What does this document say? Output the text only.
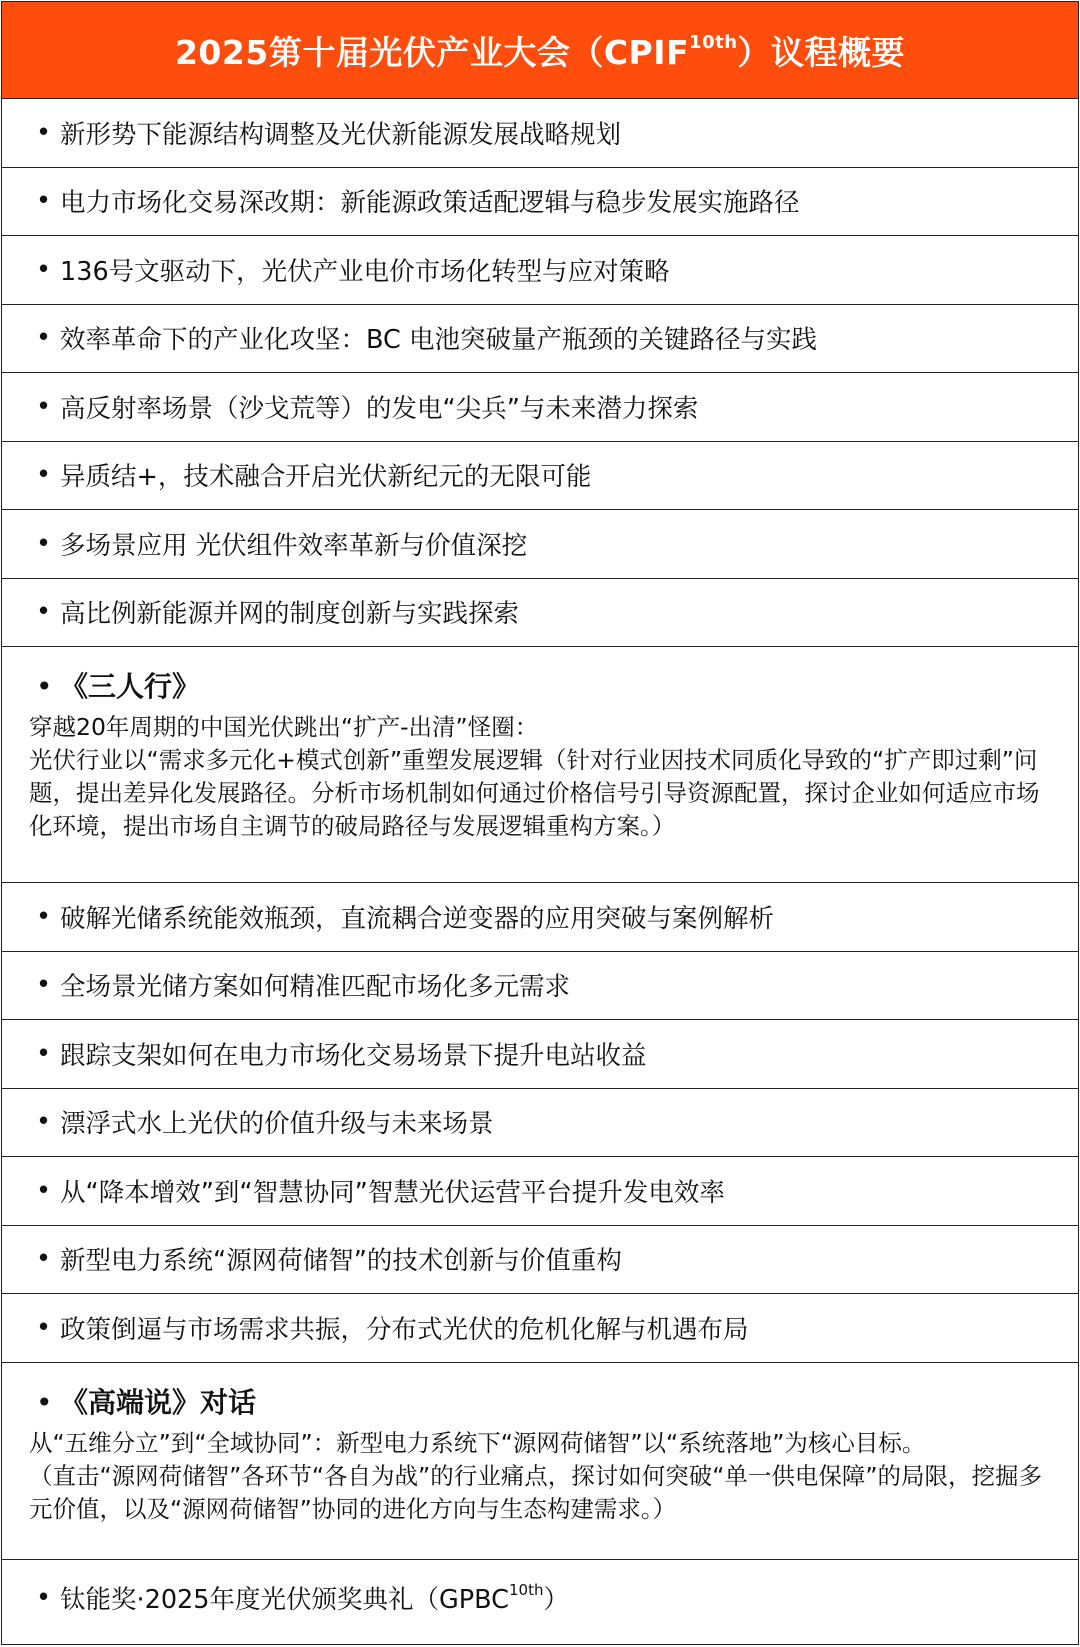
2025第十届光伏产业大会$(CPIF^{10th})$议程概要
• 新形势下能源结构调整及光伏新能源发展战略规划
• 电力市场化交易深改期：新能源政策适配逻辑与稳步发展实施路径
• 136号文驱动下，光伏产业电价市场化转型与应对策略
• 效率革命下的产业化攻坚：BC 电池突破量产瓶颈的关键路径与实践
• 高反射率场景（沙戈荒等）的发电“尖兵”与未来潜力探索
• 异质结+，技术融合开启光伏新纪元的无限可能
• 多场景应用 光伏组件效率革新与价值深挖
• 高比例新能源并网的制度创新与实践探索
• 《三人行》

穿越20年周期的中国光伏跳出“扩产-出清”怪圈：

光伏行业以“需求多元化+模式创新”重塑发展逻辑（针对行业因技术同质化导致的“扩产即过剩”问题，提出差异化发展路径。分析市场机制如何通过价格信号引导资源配置，探讨企业如何适应市场化环境，提出市场自主调节的破局路径与发展逻辑重构方案。）

• 破解光储系统能效瓶颈，直流耦合逆变器的应用突破与案例解析
• 全场景光储方案如何精准匹配市场化多元需求
• 跟踪支架如何在电力市场化交易场景下提升电站收益
• 漂浮式水上光伏的价值升级与未来场景
• 从“降本增效”到“智慧协同”智慧光伏运营平台提升发电效率
• 新型电力系统“源网荷储智”的技术创新与价值重构
• 政策倒逼与市场需求共振，分布式光伏的危机化解与机遇布局
• 《高端说》对话

从“五维分立”到“全域协同”：新型电力系统下“源网荷储智”以“系统落地”为核心目标。

（直击“源网荷储智”各环节“各自为战”的行业痛点，探讨如何突破“单一供电保障”的局限，挖掘多元价值，以及“源网荷储智”协同的进化方向与生态构建需求。）

• 钛能奖·2025年度光伏颁奖典礼$(GPBC^{10th})$
